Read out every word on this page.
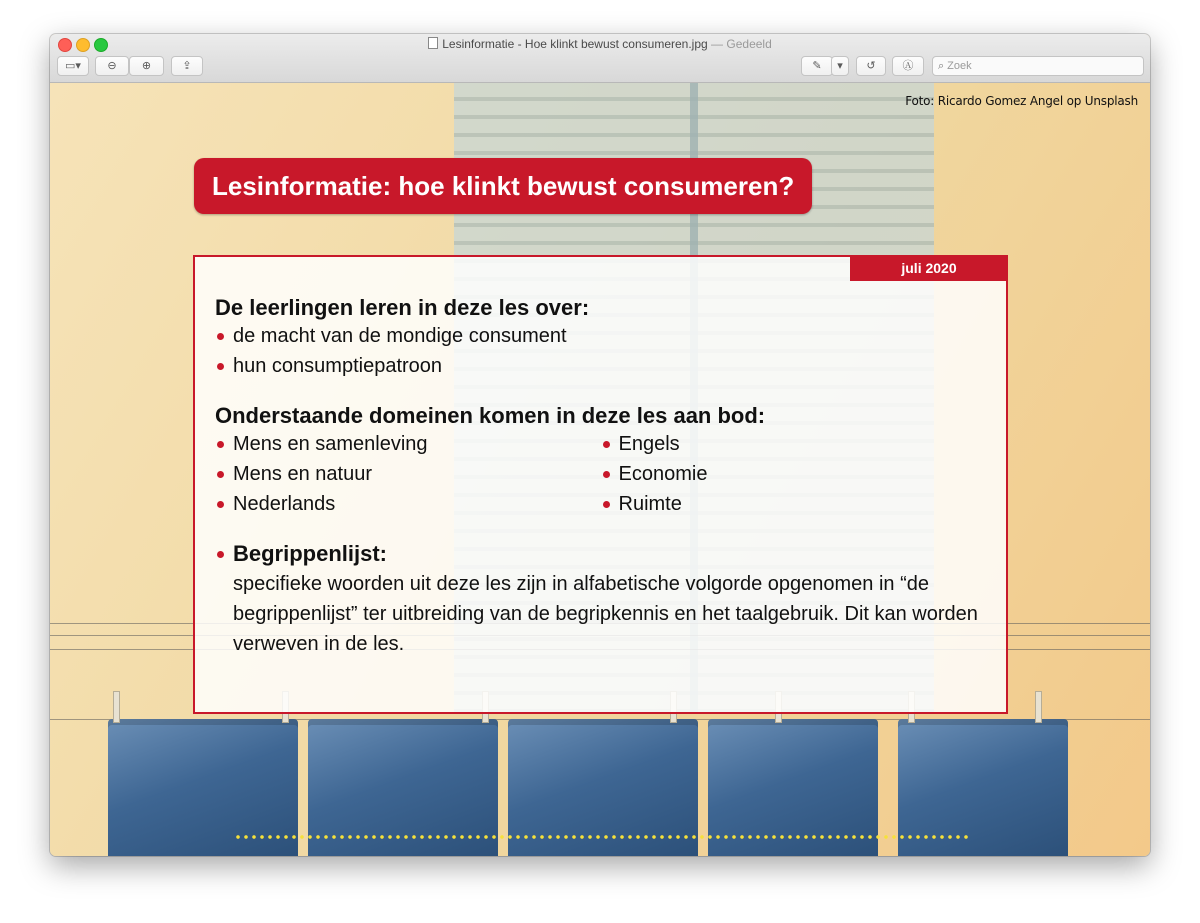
Lesinformatie - Hoe klinkt bewust consumeren.jpg — Gedeeld
▭▾	⊖	⊕	⇪	✎	▾	↺	Ⓐ	⌕ Zoek
Foto: Ricardo Gomez Angel op Unsplash
Lesinformatie: hoe klinkt bewust consumeren?
juli 2020

De leerlingen leren in deze les over:

de macht van de mondige consument
hun consumptiepatroon

Onderstaande domeinen komen in deze les aan bod:

Mens en samenleving
Mens en natuur
Nederlands
Engels
Economie
Ruimte
Begrippenlijst:
specifieke woorden uit deze les zijn in alfabetische volgorde opgenomen in “de begrippenlijst” ter uitbreiding van de begripkennis en het taalgebruik. Dit kan worden verweven in de les.
